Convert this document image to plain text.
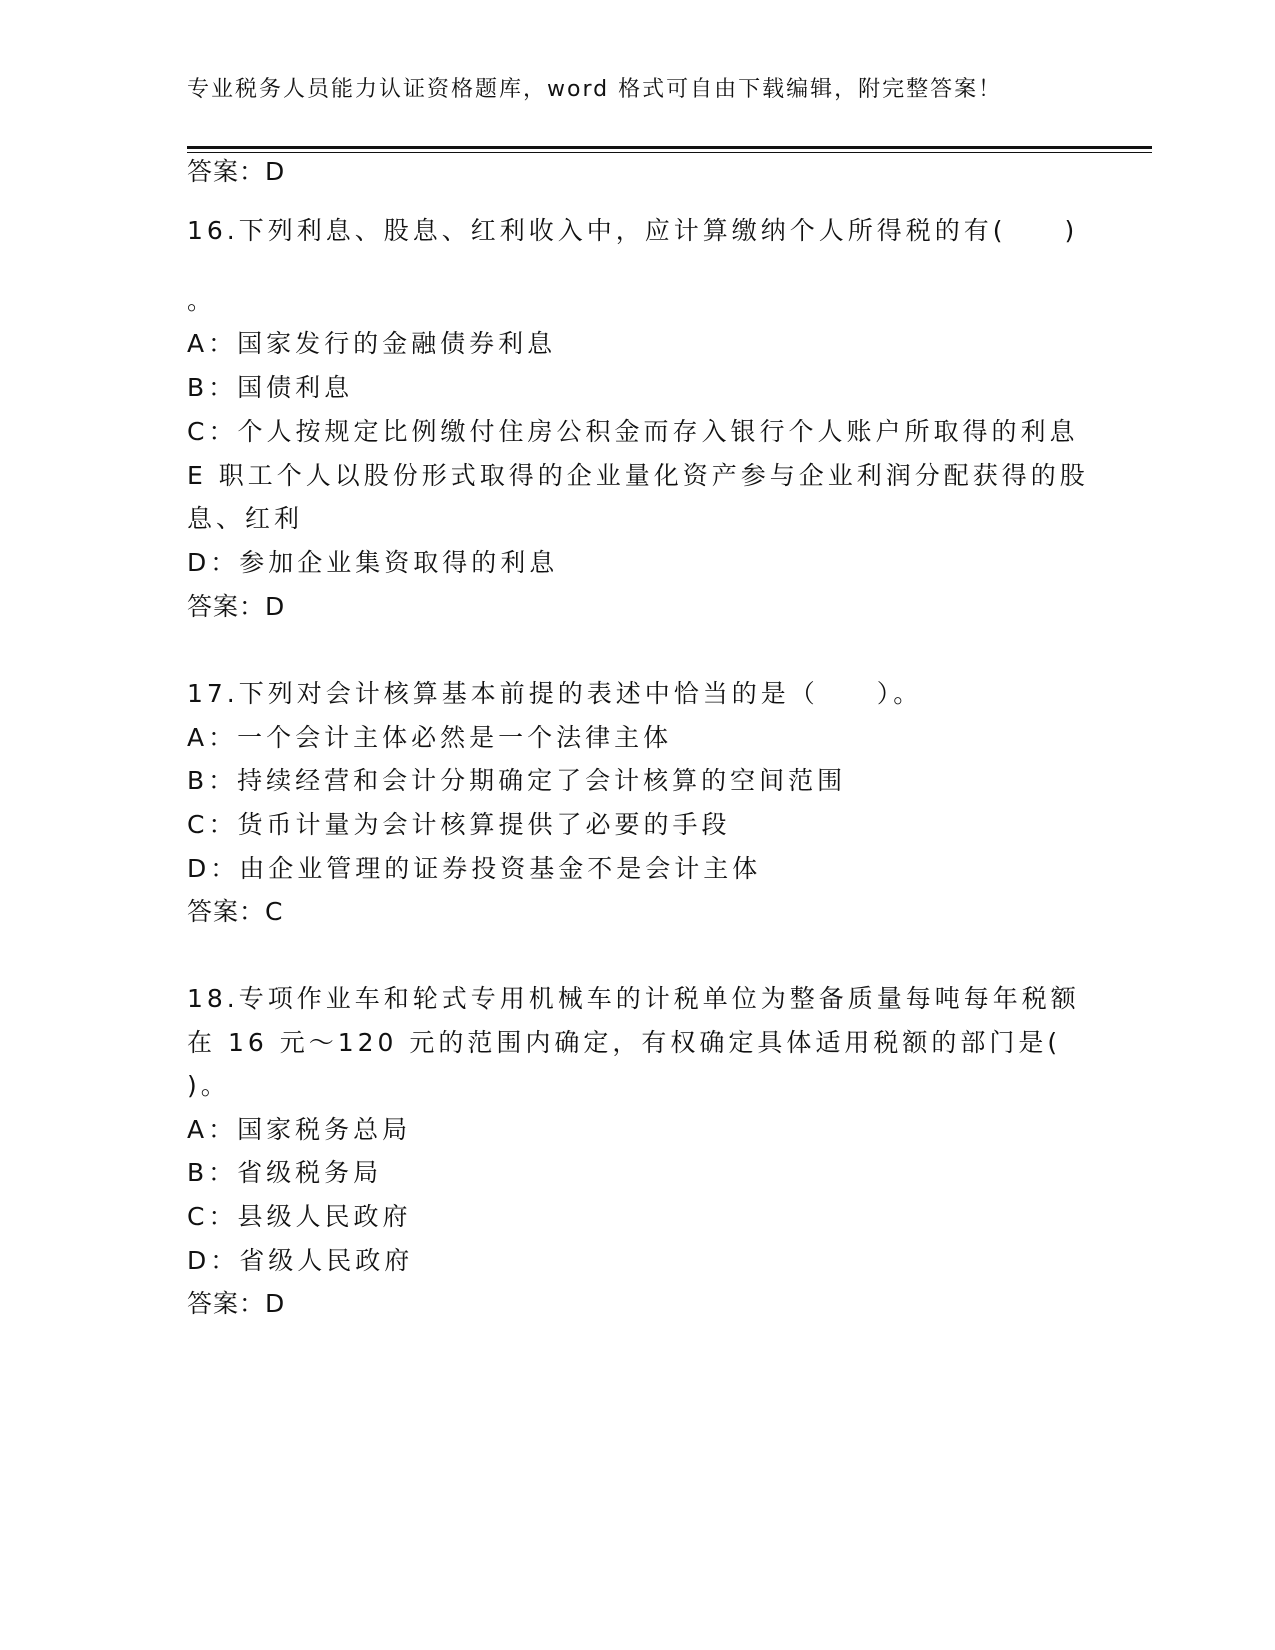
专业税务人员能力认证资格题库，word 格式可自由下载编辑，附完整答案！
答案：D
16.下列利息、股息、红利收入中，应计算缴纳个人所得税的有(　　)
。
A：国家发行的金融债券利息
B：国债利息
C：个人按规定比例缴付住房公积金而存入银行个人账户所取得的利息
E 职工个人以股份形式取得的企业量化资产参与企业利润分配获得的股
息、红利
D：参加企业集资取得的利息
答案：D
17.下列对会计核算基本前提的表述中恰当的是（　　）。
A：一个会计主体必然是一个法律主体
B：持续经营和会计分期确定了会计核算的空间范围
C：货币计量为会计核算提供了必要的手段
D：由企业管理的证券投资基金不是会计主体
答案：C
18.专项作业车和轮式专用机械车的计税单位为整备质量每吨每年税额
在 16 元～120 元的范围内确定，有权确定具体适用税额的部门是(
)。
A：国家税务总局
B：省级税务局
C：县级人民政府
D：省级人民政府
答案：D
